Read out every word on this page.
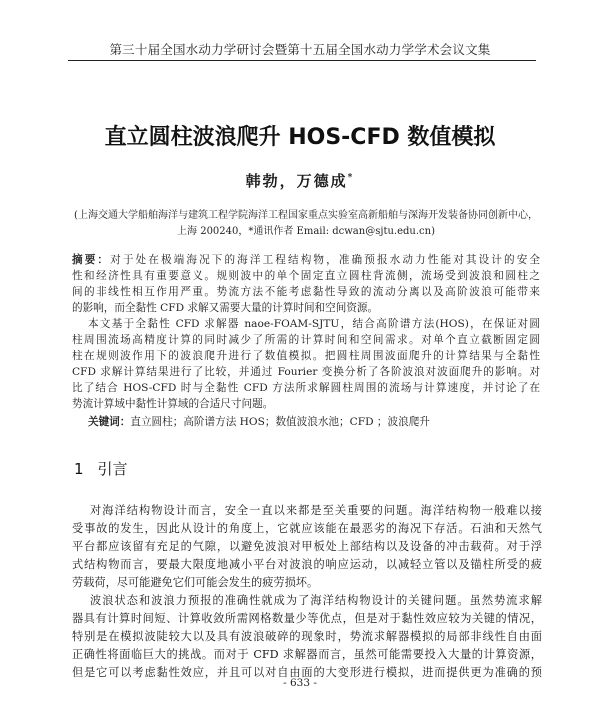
第三十届全国水动力学研讨会暨第十五届全国水动力学学术会议文集
直立圆柱波浪爬升 HOS-CFD 数值模拟
韩勃，万德成*
(上海交通大学船舶海洋与建筑工程学院海洋工程国家重点实验室高新船舶与深海开发装备协同创新中心，
上海 200240，*通讯作者 Email: dcwan@sjtu.edu.cn)
摘要：对于处在极端海况下的海洋工程结构物，准确预报水动力性能对其设计的安全
性和经济性具有重要意义。规则波中的单个固定直立圆柱背流侧，流场受到波浪和圆柱之
间的非线性相互作用严重。势流方法不能考虑黏性导致的流动分离以及高阶波浪可能带来
的影响，而全黏性 CFD 求解又需要大量的计算时间和空间资源。
本文基于全黏性 CFD 求解器 naoe-FOAM-SJTU，结合高阶谱方法(HOS)，在保证对圆
柱周围流场高精度计算的同时减少了所需的计算时间和空间需求。对单个直立截断固定圆
柱在规则波作用下的波浪爬升进行了数值模拟。把圆柱周围波面爬升的计算结果与全黏性
CFD 求解计算结果进行了比较，并通过 Fourier 变换分析了各阶波浪对波面爬升的影响。对
比了结合 HOS-CFD 时与全黏性 CFD 方法所求解圆柱周围的流场与计算速度，并讨论了在
势流计算域中黏性计算域的合适尺寸问题。
关键词：直立圆柱；高阶谱方法 HOS；数值波浪水池；CFD ；波浪爬升
1 引言
对海洋结构物设计而言，安全一直以来都是至关重要的问题。海洋结构物一般难以接
受事故的发生，因此从设计的角度上，它就应该能在最恶劣的海况下存活。石油和天然气
平台都应该留有充足的气隙，以避免波浪对甲板处上部结构以及设备的冲击载荷。对于浮
式结构物而言，要最大限度地减小平台对波浪的响应运动，以减轻立管以及锚柱所受的疲
劳载荷，尽可能避免它们可能会发生的疲劳损坏。
波浪状态和波浪力预报的准确性就成为了海洋结构物设计的关键问题。虽然势流求解
器具有计算时间短、计算收敛所需网格数量少等优点，但是对于黏性效应较为关键的情况，
特别是在模拟波陡较大以及具有波浪破碎的现象时，势流求解器模拟的局部非线性自由面
正确性将面临巨大的挑战。而对于 CFD 求解器而言，虽然可能需要投入大量的计算资源，
但是它可以考虑黏性效应，并且可以对自由面的大变形进行模拟，进而提供更为准确的预
- 633 -
